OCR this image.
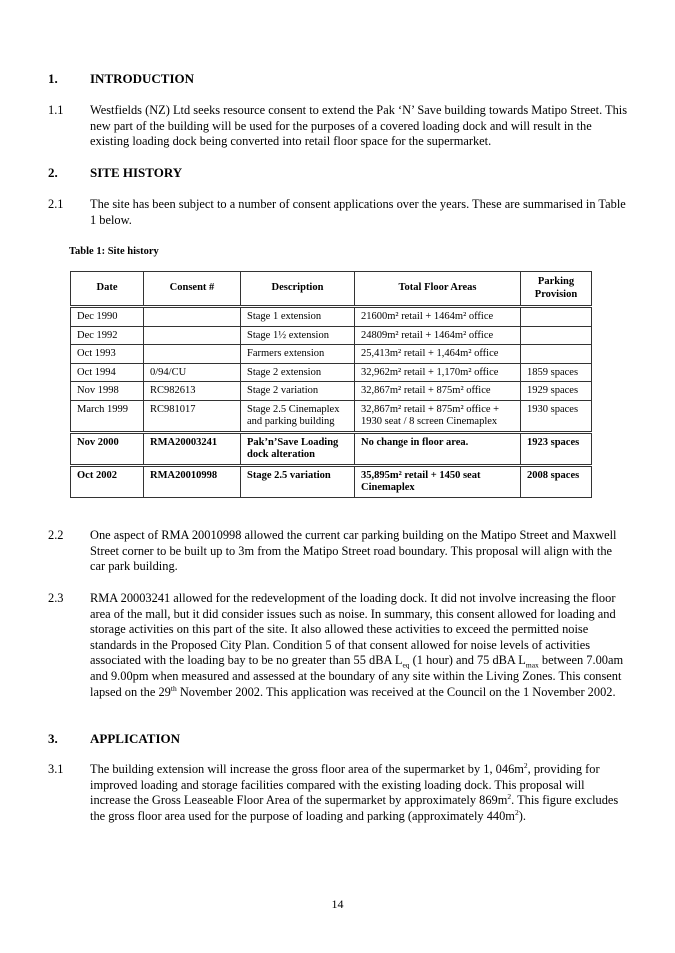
1. INTRODUCTION
1.1 Westfields (NZ) Ltd seeks resource consent to extend the Pak ‘N’ Save building towards Matipo Street. This new part of the building will be used for the purposes of a covered loading dock and will result in the existing loading dock being converted into retail floor space for the supermarket.
2. SITE HISTORY
2.1 The site has been subject to a number of consent applications over the years. These are summarised in Table 1 below.
Table 1: Site history
Date	Consent #	Description	Total Floor Areas	Parking Provision
Dec 1990		Stage 1 extension	21600m² retail + 1464m² office	
Dec 1992		Stage 1½ extension	24809m² retail + 1464m² office	
Oct 1993		Farmers extension	25,413m² retail + 1,464m² office	
Oct 1994	0/94/CU	Stage 2 extension	32,962m² retail + 1,170m² office	1859 spaces
Nov 1998	RC982613	Stage 2 variation	32,867m² retail + 875m² office	1929 spaces
March 1999	RC981017	Stage 2.5 Cinemaplex and parking building	32,867m² retail + 875m² office + 1930 seat / 8 screen Cinemaplex	1930 spaces
Nov 2000	RMA20003241	Pak’n’Save Loading dock alteration	No change in floor area.	1923 spaces
Oct 2002	RMA20010998	Stage 2.5 variation	35,895m² retail + 1450 seat Cinemaplex	2008 spaces
2.2 One aspect of RMA 20010998 allowed the current car parking building on the Matipo Street and Maxwell Street corner to be built up to 3m from the Matipo Street road boundary. This proposal will align with the car park building.
2.3 RMA 20003241 allowed for the redevelopment of the loading dock. It did not involve increasing the floor area of the mall, but it did consider issues such as noise. In summary, this consent allowed for loading and storage activities on this part of the site. It also allowed these activities to exceed the permitted noise standards in the Proposed City Plan. Condition 5 of that consent allowed for noise levels of activities associated with the loading bay to be no greater than 55 dBA $L_{eq}$ (1 hour) and 75 dBA $L_{max}$ between 7.00am and 9.00pm when measured and assessed at the boundary of any site within the Living Zones. This consent lapsed on the 29th November 2002. This application was received at the Council on the 1 November 2002.
3. APPLICATION
3.1 The building extension will increase the gross floor area of the supermarket by 1, $046m^2$, providing for improved loading and storage facilities compared with the existing loading dock. This proposal will increase the Gross Leaseable Floor Area of the supermarket by approximately $869m^2$. This figure excludes the gross floor area used for the purpose of loading and parking (approximately $440m^2$).
14
